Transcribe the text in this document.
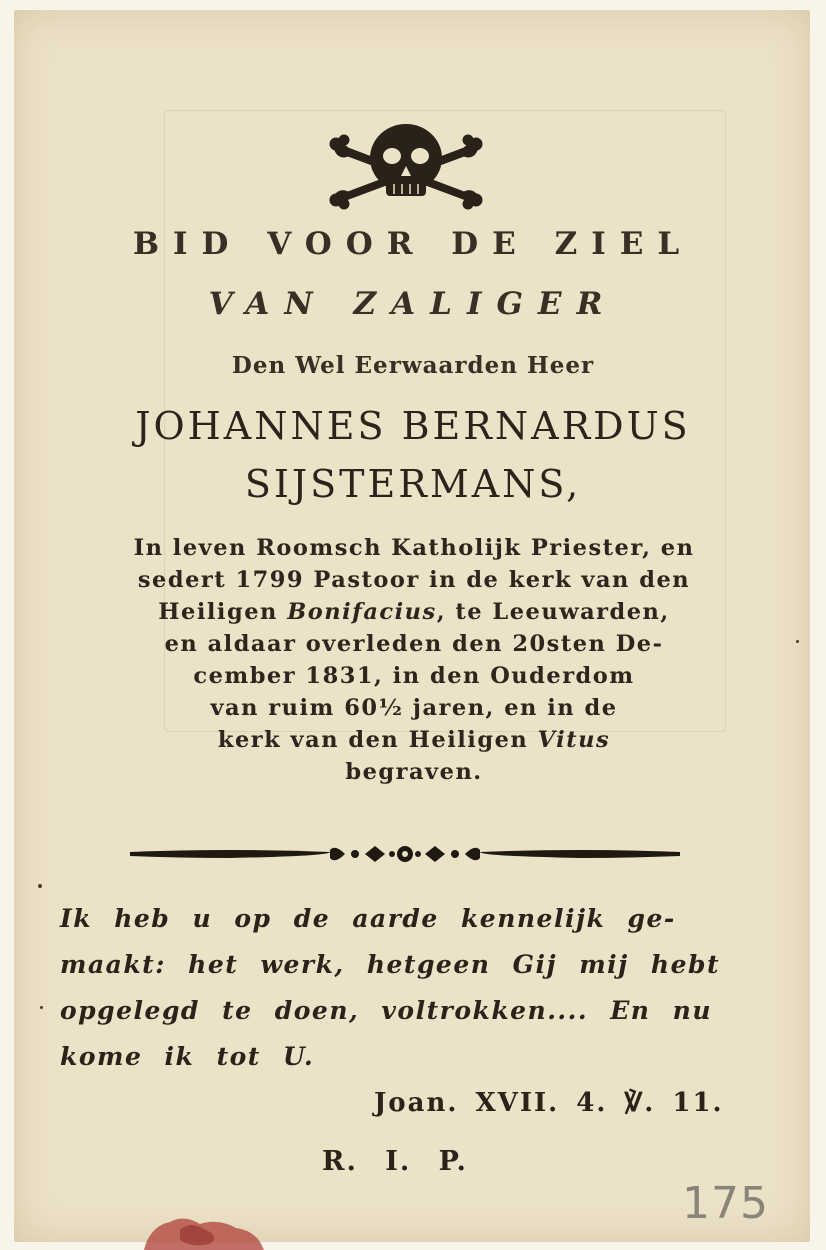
BID VOOR DE ZIEL

VAN ZALIGER

Den Wel Eerwaarden Heer

JOHANNES BERNARDUS

SIJSTERMANS,

In leven Roomsch Katholijk Priester, en
sedert 1799 Pastoor in de kerk van den
Heiligen Bonifacius, te Leeuwarden,
en aldaar overleden den 20sten De-
cember 1831, in den Ouderdom
van ruim 60½ jaren, en in de
kerk van den Heiligen Vitus
begraven.
Ik heb u op de aarde kennelijk ge-
maakt: het werk, hetgeen Gij mij hebt
opgelegd te doen, voltrokken.... En nu
kome ik tot U.
Joan. XVII. 4. ℣. 11.
R. I. P.
175
